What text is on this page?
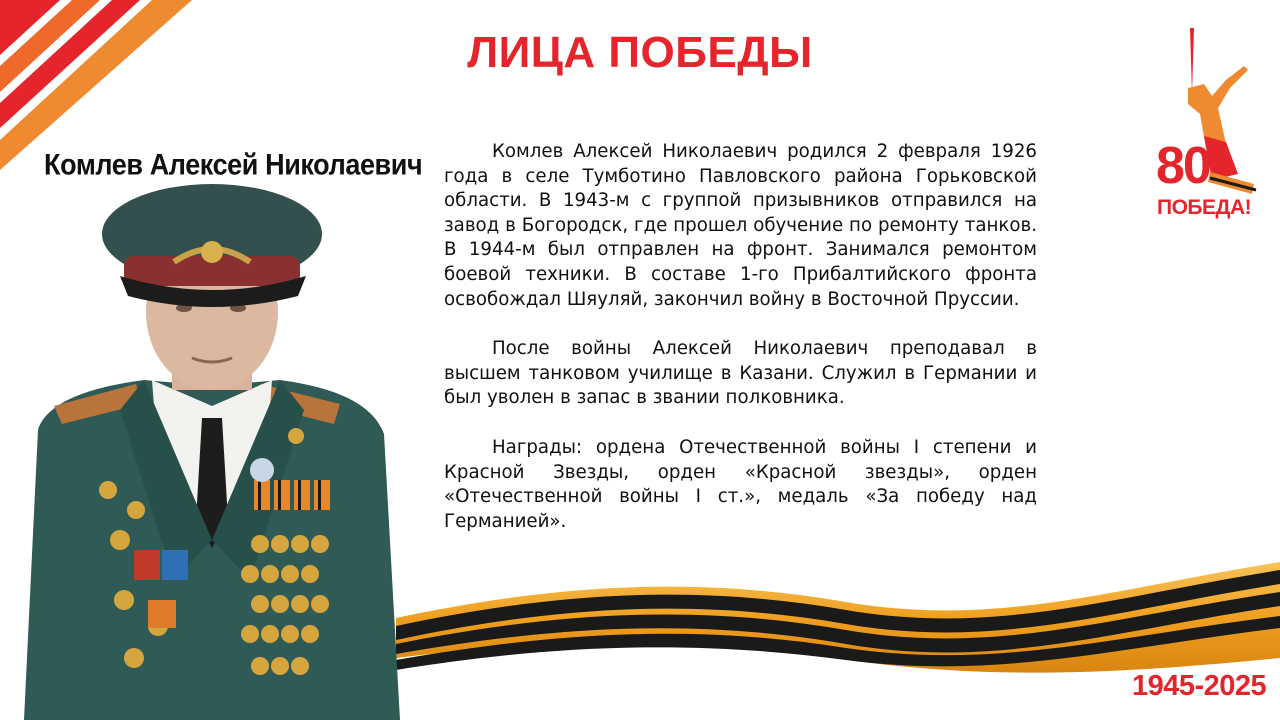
ЛИЦА ПОБЕДЫ
Комлев Алексей Николаевич	Комлев Алексей Николаевич родился 2 февраля 1926 года в селе Тумботино Павловского района Горьковской области. В 1943-м с группой призывников отправился на завод в Богородск, где прошел обучение по ремонту танков. В 1944-м был отправлен на фронт. Занимался ремонтом боевой техники. В составе 1-го Прибалтийского фронта освобождал Шяуляй, закончил войну в Восточной Пруссии.

После войны Алексей Николаевич преподавал в высшем танковом училище в Казани. Служил в Германии и был уволен в запас в звании полковника.

Награды: ордена Отечественной войны I степени и Красной Звезды, орден «Красной звезды», орден «Отечественной войны I ст.», медаль «За победу над Германией».

80
ПОБЕДА!
1945-2025
